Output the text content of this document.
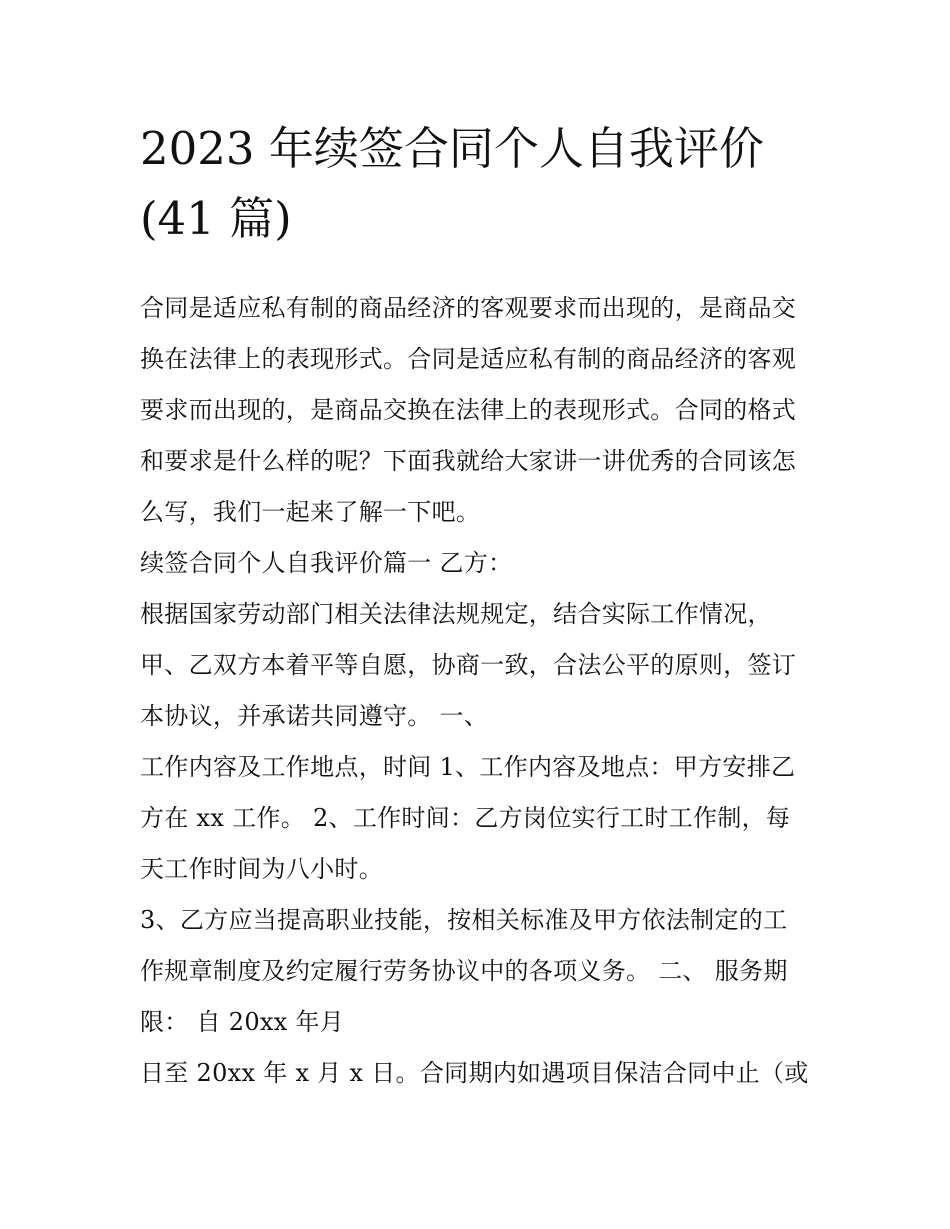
2023 年续签合同个人自我评价
(41 篇)

合同是适应私有制的商品经济的客观要求而出现的，是商品交
换在法律上的表现形式。合同是适应私有制的商品经济的客观
要求而出现的，是商品交换在法律上的表现形式。合同的格式
和要求是什么样的呢？下面我就给大家讲一讲优秀的合同该怎
么写，我们一起来了解一下吧。

续签合同个人自我评价篇一 乙方：

根据国家劳动部门相关法律法规规定，结合实际工作情况，
甲、乙双方本着平等自愿，协商一致，合法公平的原则，签订
本协议，并承诺共同遵守。 一、

工作内容及工作地点，时间 1、工作内容及地点：甲方安排乙
方在 xx 工作。 2、工作时间：乙方岗位实行工时工作制，每
天工作时间为八小时。

3、乙方应当提高职业技能，按相关标准及甲方依法制定的工
作规章制度及约定履行劳务协议中的各项义务。 二、 服务期
限： 自 20xx 年月

日至 20xx 年 x 月 x 日。合同期内如遇项目保洁合同中止（或
